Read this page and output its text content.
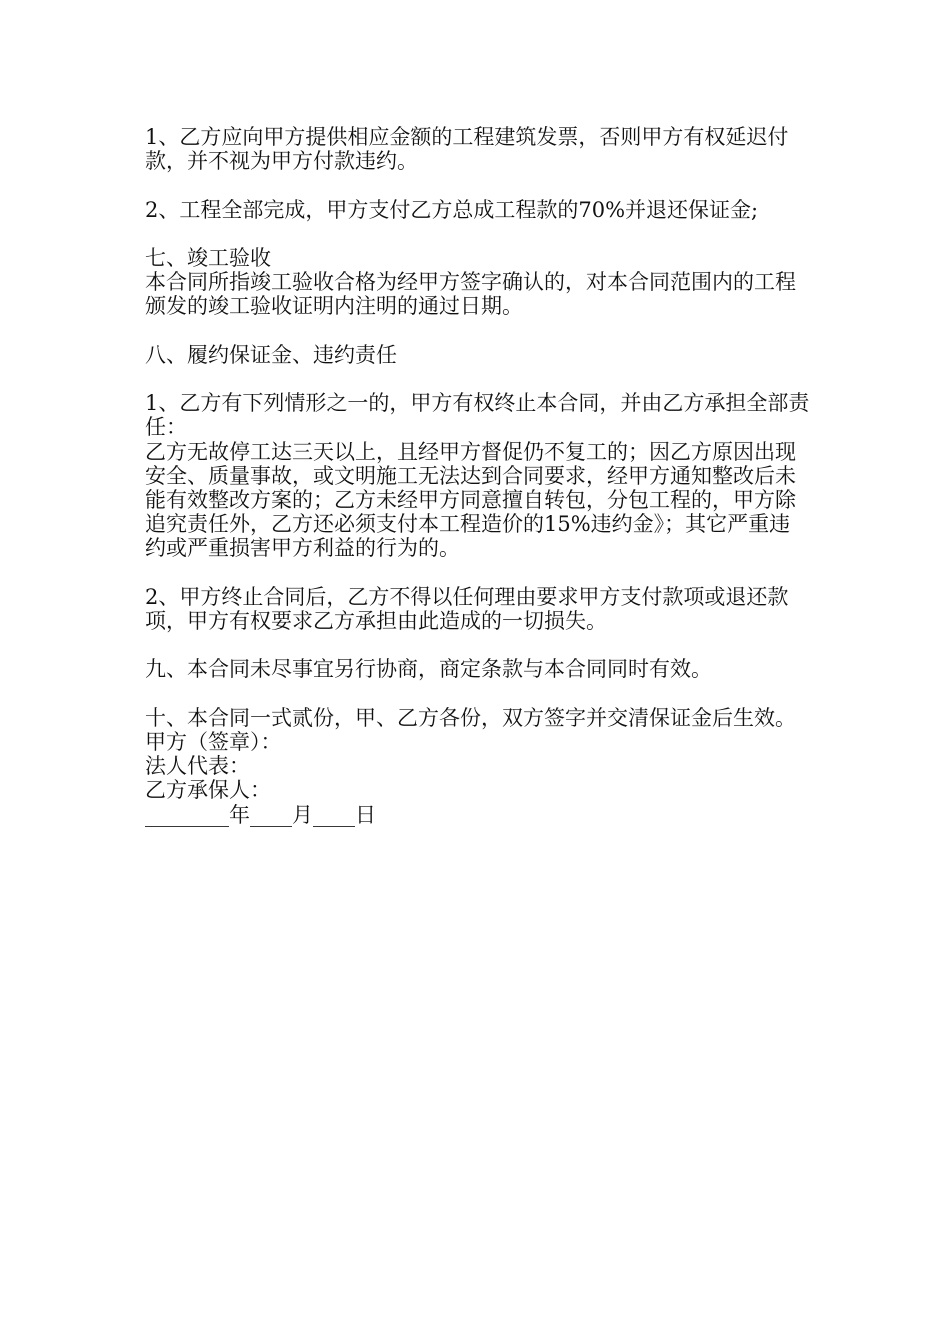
1、乙方应向甲方提供相应金额的工程建筑发票，否则甲方有权延迟付款，并不视为甲方付款违约。

2、工程全部完成，甲方支付乙方总成工程款的70%并退还保证金;

七、竣工验收

本合同所指竣工验收合格为经甲方签字确认的，对本合同范围内的工程颁发的竣工验收证明内注明的通过日期。

八、履约保证金、违约责任

1、乙方有下列情形之一的，甲方有权终止本合同，并由乙方承担全部责任：

乙方无故停工达三天以上，且经甲方督促仍不复工的；因乙方原因出现安全、质量事故，或文明施工无法达到合同要求，经甲方通知整改后未能有效整改方案的；乙方未经甲方同意擅自转包，分包工程的，甲方除追究责任外，乙方还必须支付本工程造价的15%违约金》；其它严重违约或严重损害甲方利益的行为的。

2、甲方终止合同后，乙方不得以任何理由要求甲方支付款项或退还款项，甲方有权要求乙方承担由此造成的一切损失。

九、本合同未尽事宜另行协商，商定条款与本合同同时有效。

十、本合同一式贰份，甲、乙方各份，双方签字并交清保证金后生效。

甲方（签章）：

法人代表：

乙方承保人：

________年____月____日
